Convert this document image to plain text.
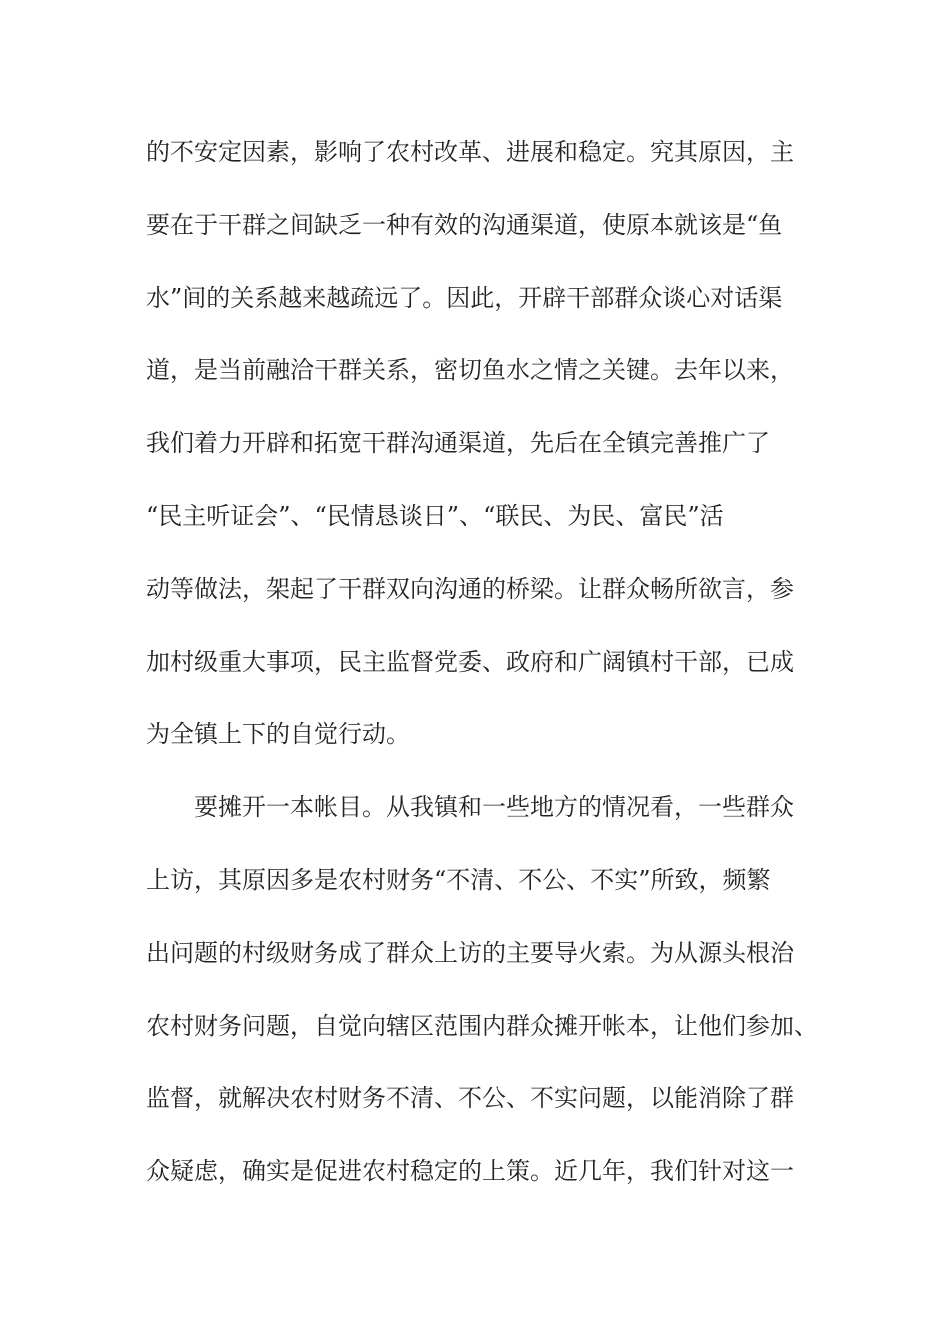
的不安定因素，影响了农村改革、进展和稳定。究其原因，主
要在于干群之间缺乏一种有效的沟通渠道，使原本就该是“鱼
水”间的关系越来越疏远了。因此，开辟干部群众谈心对话渠
道，是当前融洽干群关系，密切鱼水之情之关键。去年以来，
我们着力开辟和拓宽干群沟通渠道，先后在全镇完善推广了
“民主听证会”、“民情恳谈日”、“联民、为民、富民”活
动等做法，架起了干群双向沟通的桥梁。让群众畅所欲言，参
加村级重大事项，民主监督党委、政府和广阔镇村干部，已成
为全镇上下的自觉行动。
要摊开一本帐目。从我镇和一些地方的情况看，一些群众
上访，其原因多是农村财务“不清、不公、不实”所致，频繁
出问题的村级财务成了群众上访的主要导火索。为从源头根治
农村财务问题，自觉向辖区范围内群众摊开帐本，让他们参加、
监督，就解决农村财务不清、不公、不实问题，以能消除了群
众疑虑，确实是促进农村稳定的上策。近几年，我们针对这一
